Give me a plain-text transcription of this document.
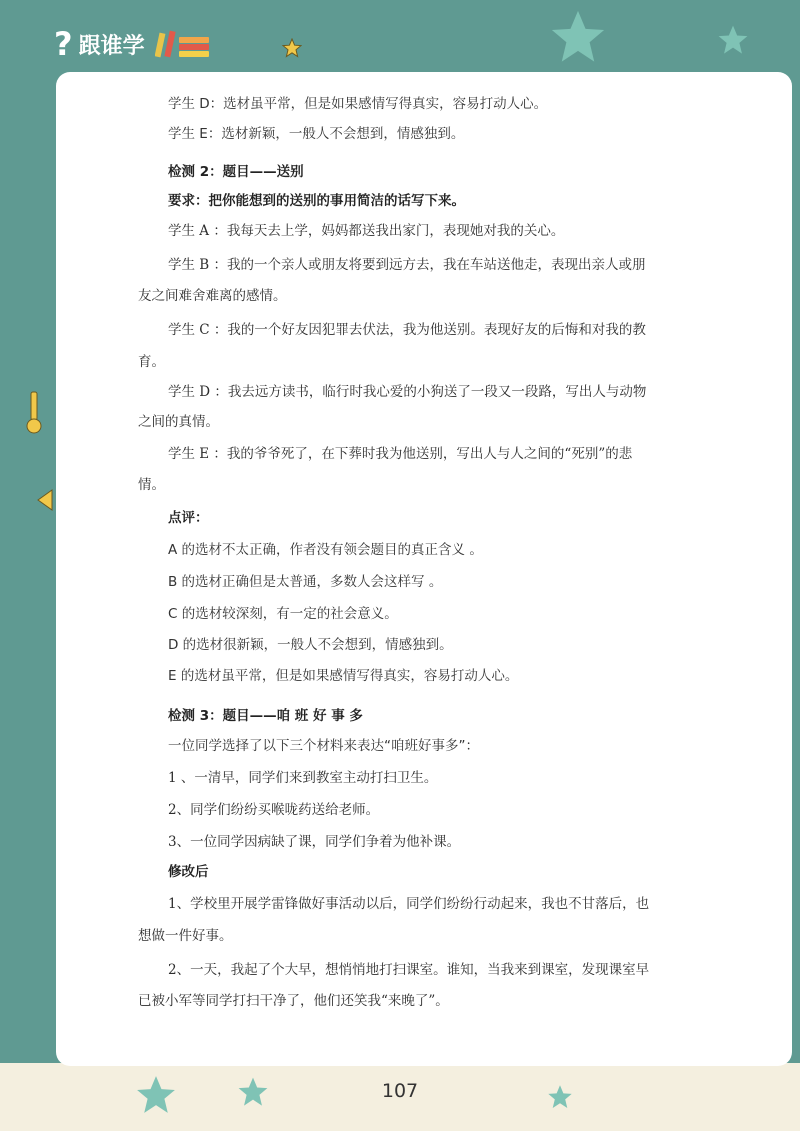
? 跟谁学
学生 D：选材虽平常，但是如果感情写得真实，容易打动人心。
学生 E：选材新颖，一般人不会想到，情感独到。
检测 2：题目——送别
要求：把你能想到的送别的事用简洁的话写下来。
学生 A ：我每天去上学，妈妈都送我出家门，表现她对我的关心。
学生 B ：我的一个亲人或朋友将要到远方去，我在车站送他走，表现出亲人或朋
友之间难舍难离的感情。
学生 C ：我的一个好友因犯罪去伏法，我为他送别。表现好友的后悔和对我的教
育。
学生 D ：我去远方读书，临行时我心爱的小狗送了一段又一段路，写出人与动物
之间的真情。
学生 E ：我的爷爷死了，在下葬时我为他送别，写出人与人之间的“死别”的悲
情。
点评：
A 的选材不太正确，作者没有领会题目的真正含义 。
B 的选材正确但是太普通，多数人会这样写 。
C 的选材较深刻，有一定的社会意义。
D 的选材很新颖，一般人不会想到，情感独到。
E 的选材虽平常，但是如果感情写得真实，容易打动人心。
检测 3：题目——咱 班 好 事 多
一位同学选择了以下三个材料来表达“咱班好事多”：
1 、一清早，同学们来到教室主动打扫卫生。
2、同学们纷纷买喉咙药送给老师。
3、一位同学因病缺了课，同学们争着为他补课。
修改后
1、学校里开展学雷锋做好事活动以后，同学们纷纷行动起来，我也不甘落后，也
想做一件好事。
2、一天，我起了个大早，想悄悄地打扫课室。谁知，当我来到课室，发现课室早
已被小军等同学打扫干净了，他们还笑我“来晚了”。
107
